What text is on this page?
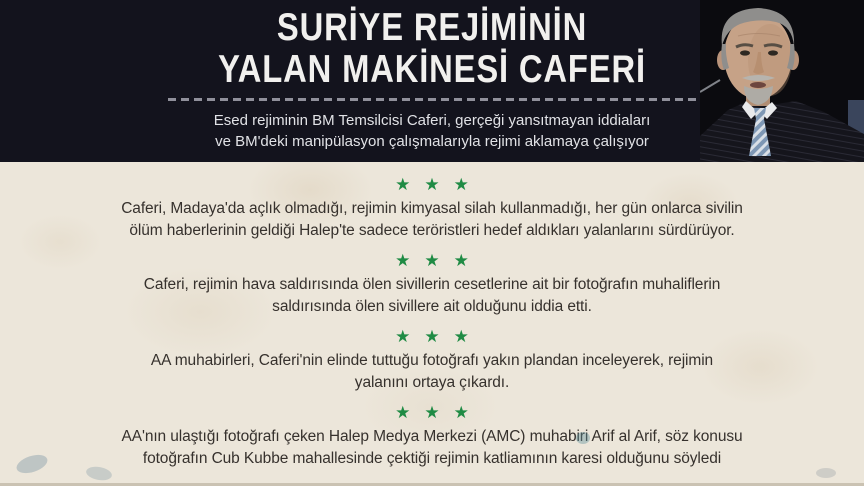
SURİYE REJİMİNİN
YALAN MAKİNESİ CAFERİ
Esed rejiminin BM Temsilcisi Caferi, gerçeği yansıtmayan iddiaları
ve BM'deki manipülasyon çalışmalarıyla rejimi aklamaya çalışıyor
★ ★ ★
Caferi, Madaya'da açlık olmadığı, rejimin kimyasal silah kullanmadığı, her gün onlarca sivilin
ölüm haberlerinin geldiği Halep'te sadece teröristleri hedef aldıkları yalanlarını sürdürüyor.
★ ★ ★
Caferi, rejimin hava saldırısında ölen sivillerin cesetlerine ait bir fotoğrafın muhaliflerin
saldırısında ölen sivillere ait olduğunu iddia etti.
★ ★ ★
AA muhabirleri, Caferi'nin elinde tuttuğu fotoğrafı yakın plandan inceleyerek, rejimin
yalanını ortaya çıkardı.
★ ★ ★
AA'nın ulaştığı fotoğrafı çeken Halep Medya Merkezi (AMC) muhabiri Arif al Arif, söz konusu
fotoğrafın Cub Kubbe mahallesinde çektiği rejimin katliamının karesi olduğunu söyledi
